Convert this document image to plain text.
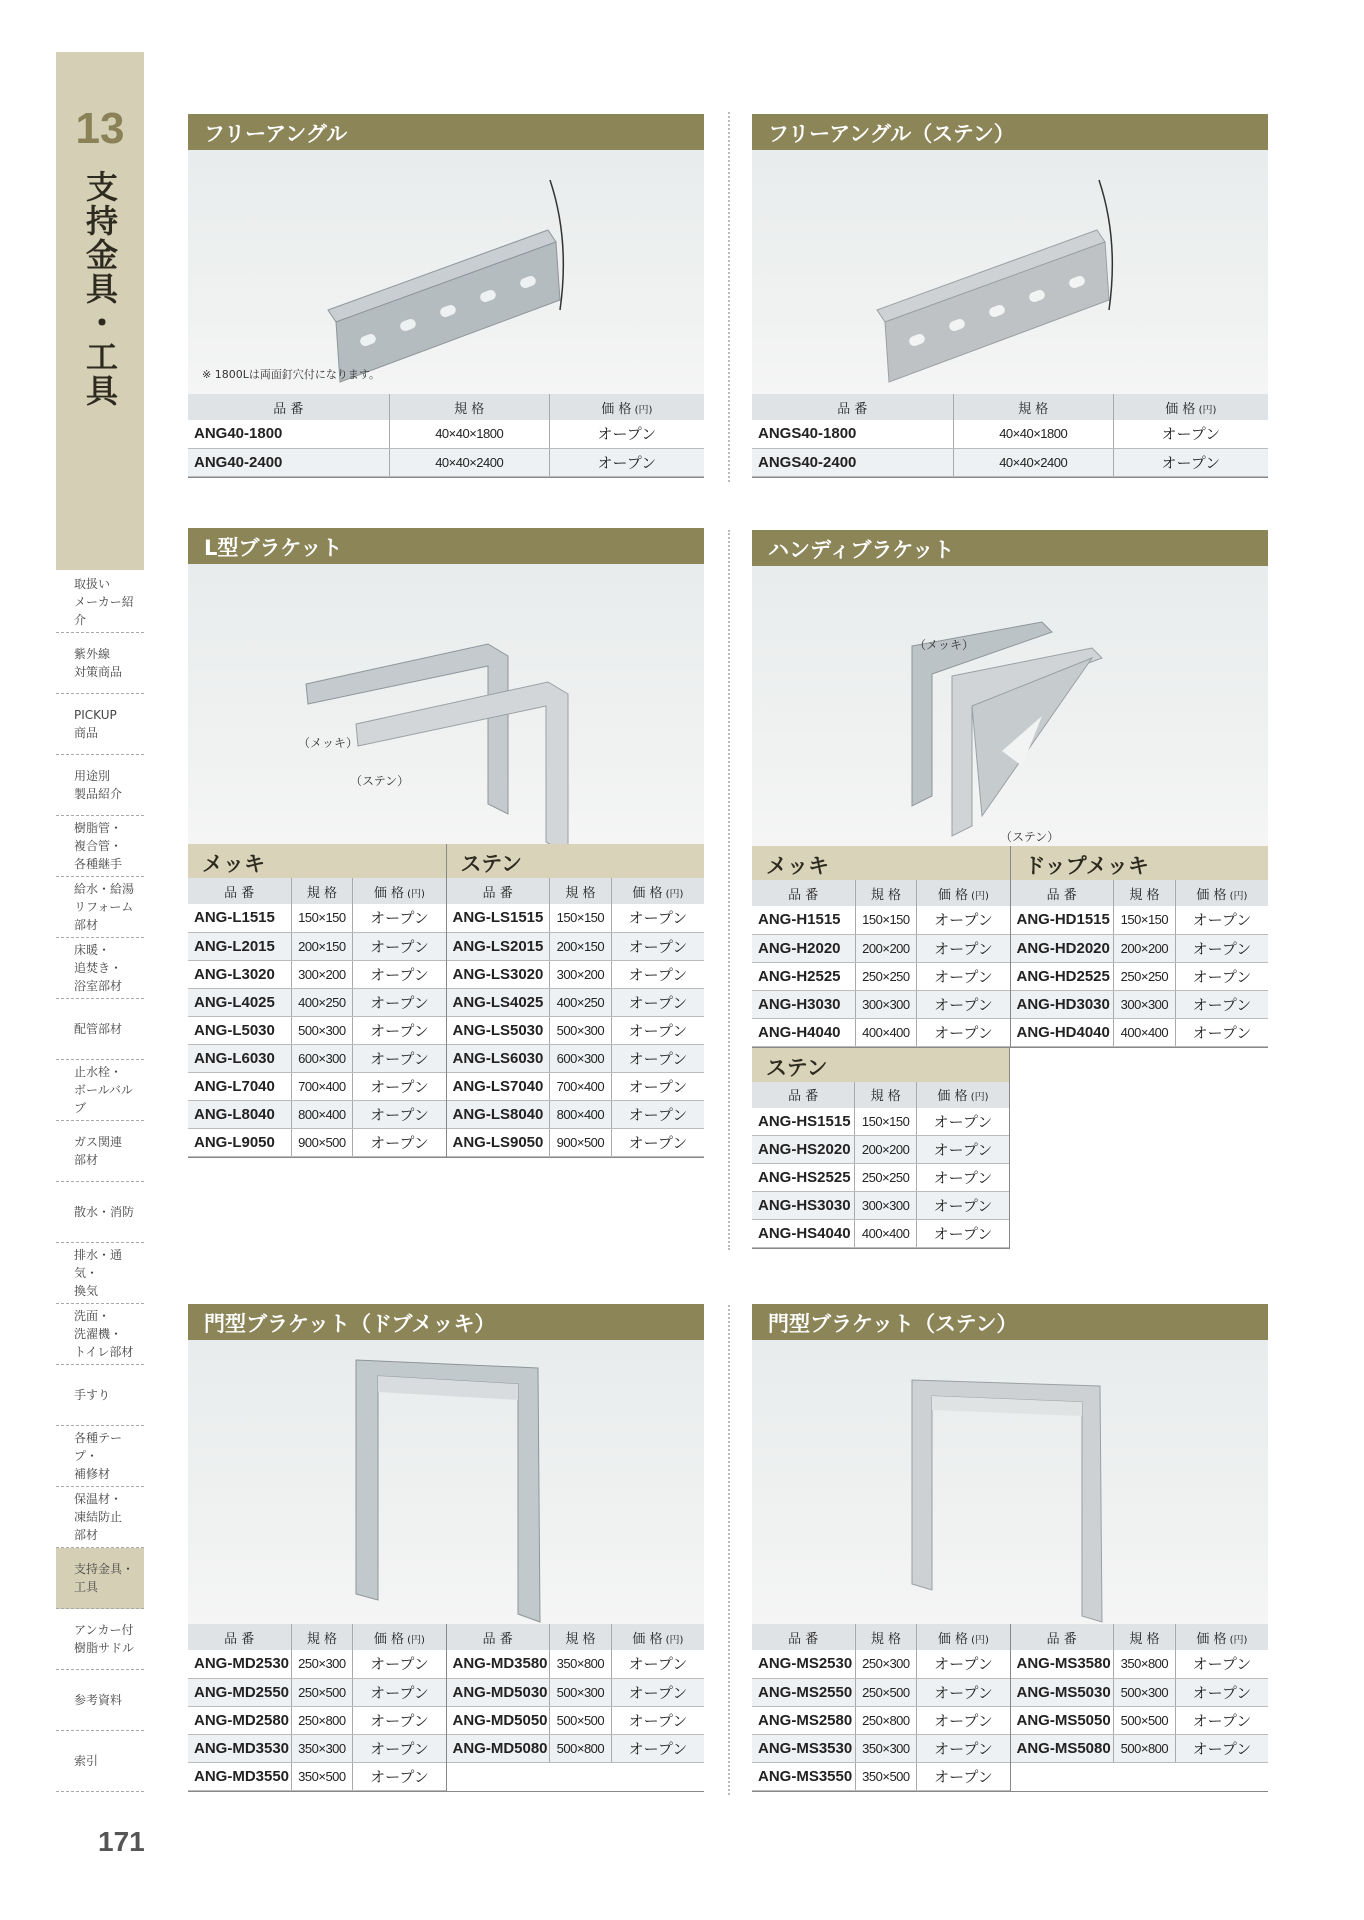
13
支持金具・工具
取扱い
メーカー紹介
紫外線
対策商品
PICKUP
商品
用途別
製品紹介
樹脂管・
複合管・
各種継手
給水・給湯
リフォーム
部材
床暖・
追焚き・
浴室部材
配管部材
止水栓・
ボールバルブ
ガス関連
部材
散水・消防
排水・通気・
換気
洗面・
洗濯機・
トイレ部材
手すり
各種テープ・
補修材
保温材・
凍結防止
部材
支持金具・
工具
アンカー付
樹脂サドル
参考資料
索引
171
フリーアングル
※ 1800Lは両面釘穴付になります。
品 番	規 格	価 格 (円)
ANG40-1800	40×40×1800	オープン
ANG40-2400	40×40×2400	オープン
フリーアングル（ステン）
品 番	規 格	価 格 (円)
ANGS40-1800	40×40×1800	オープン
ANGS40-2400	40×40×2400	オープン
L型ブラケット
（メッキ）
（ステン）
メッキ
品 番	規 格	価 格 (円)
ANG-L1515	150×150	オープン
ANG-L2015	200×150	オープン
ANG-L3020	300×200	オープン
ANG-L4025	400×250	オープン
ANG-L5030	500×300	オープン
ANG-L6030	600×300	オープン
ANG-L7040	700×400	オープン
ANG-L8040	800×400	オープン
ANG-L9050	900×500	オープン
ステン
品 番	規 格	価 格 (円)
ANG-LS1515	150×150	オープン
ANG-LS2015	200×150	オープン
ANG-LS3020	300×200	オープン
ANG-LS4025	400×250	オープン
ANG-LS5030	500×300	オープン
ANG-LS6030	600×300	オープン
ANG-LS7040	700×400	オープン
ANG-LS8040	800×400	オープン
ANG-LS9050	900×500	オープン
ハンディブラケット
（メッキ）
（ステン）
メッキ
品 番	規 格	価 格 (円)
ANG-H1515	150×150	オープン
ANG-H2020	200×200	オープン
ANG-H2525	250×250	オープン
ANG-H3030	300×300	オープン
ANG-H4040	400×400	オープン
ドップメッキ
品 番	規 格	価 格 (円)
ANG-HD1515	150×150	オープン
ANG-HD2020	200×200	オープン
ANG-HD2525	250×250	オープン
ANG-HD3030	300×300	オープン
ANG-HD4040	400×400	オープン
ステン
品 番	規 格	価 格 (円)
ANG-HS1515	150×150	オープン
ANG-HS2020	200×200	オープン
ANG-HS2525	250×250	オープン
ANG-HS3030	300×300	オープン
ANG-HS4040	400×400	オープン
門型ブラケット（ドブメッキ）
品 番	規 格	価 格 (円)
ANG-MD2530	250×300	オープン
ANG-MD2550	250×500	オープン
ANG-MD2580	250×800	オープン
ANG-MD3530	350×300	オープン
ANG-MD3550	350×500	オープン
品 番	規 格	価 格 (円)
ANG-MD3580	350×800	オープン
ANG-MD5030	500×300	オープン
ANG-MD5050	500×500	オープン
ANG-MD5080	500×800	オープン
門型ブラケット（ステン）
品 番	規 格	価 格 (円)
ANG-MS2530	250×300	オープン
ANG-MS2550	250×500	オープン
ANG-MS2580	250×800	オープン
ANG-MS3530	350×300	オープン
ANG-MS3550	350×500	オープン
品 番	規 格	価 格 (円)
ANG-MS3580	350×800	オープン
ANG-MS5030	500×300	オープン
ANG-MS5050	500×500	オープン
ANG-MS5080	500×800	オープン
